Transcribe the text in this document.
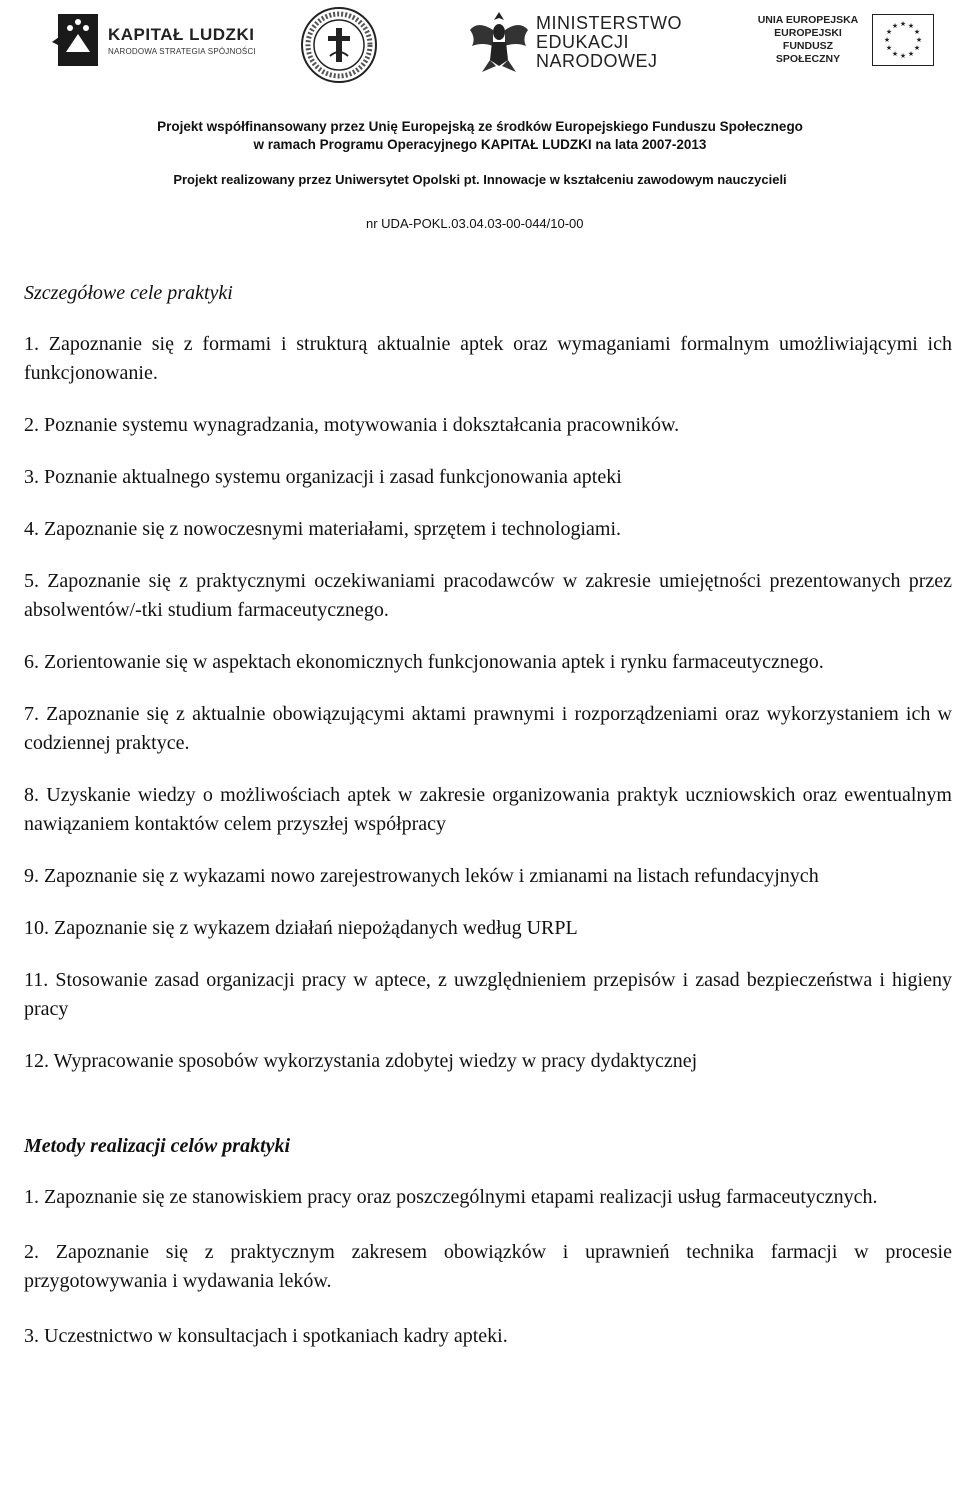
KAPITAŁ LUDZKI
NARODOWA STRATEGIA SPÓJNOŚCI
MINISTERSTWO
EDUKACJI
NARODOWEJ
UNIA EUROPEJSKA
EUROPEJSKI
FUNDUSZ SPOŁECZNY
★ ★
★
★
★
★
★
★
★
★
★
★
Projekt współfinansowany przez Unię Europejską ze środków Europejskiego Funduszu Społecznego
w ramach Programu Operacyjnego KAPITAŁ LUDZKI na lata 2007-2013
Projekt realizowany przez Uniwersytet Opolski pt. Innowacje w kształceniu zawodowym nauczycieli
nr UDA-POKL.03.04.03-00-044/10-00
Szczegółowe cele praktyki
1. Zapoznanie się z formami i strukturą aktualnie aptek oraz wymaganiami formalnym umożliwiającymi ich funkcjonowanie.
2. Poznanie systemu wynagradzania, motywowania i dokształcania pracowników.
3. Poznanie aktualnego systemu organizacji i zasad funkcjonowania apteki
4. Zapoznanie się z nowoczesnymi materiałami, sprzętem i technologiami.
5. Zapoznanie się z praktycznymi oczekiwaniami pracodawców w zakresie umiejętności prezentowanych przez absolwentów/-tki studium farmaceutycznego.
6. Zorientowanie się w aspektach ekonomicznych funkcjonowania aptek i rynku farmaceutycznego.
7. Zapoznanie się z aktualnie obowiązującymi aktami prawnymi i rozporządzeniami oraz wykorzystaniem ich w codziennej praktyce.
8. Uzyskanie wiedzy o możliwościach aptek w zakresie organizowania praktyk uczniowskich oraz ewentualnym nawiązaniem kontaktów celem przyszłej współpracy
9. Zapoznanie się z wykazami nowo zarejestrowanych leków i zmianami na listach refundacyjnych
10. Zapoznanie się z wykazem działań niepożądanych według URPL
11. Stosowanie zasad organizacji pracy w aptece, z uwzględnieniem przepisów i zasad bezpieczeństwa i higieny pracy
12. Wypracowanie sposobów wykorzystania zdobytej wiedzy w pracy dydaktycznej
Metody realizacji celów praktyki
1. Zapoznanie się ze stanowiskiem pracy oraz poszczególnymi etapami realizacji usług farmaceutycznych.
2. Zapoznanie się z praktycznym zakresem obowiązków i uprawnień technika farmacji w procesie przygotowywania i wydawania leków.
3. Uczestnictwo w konsultacjach i spotkaniach kadry apteki.
